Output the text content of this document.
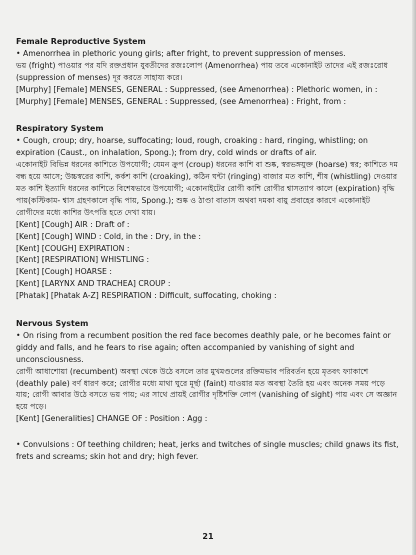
Female Reproductive System

• Amenorrhea in plethoric young girls; after fright, to prevent suppression of menses.

ভয় (fright) পাওয়ার পর যদি রক্তপ্রধান যুবতীদের রজঃলোপ (Amenorrhea) পায় তবে একোনাইট তাদের এই রজঃরোধ (suppression of menses) দূর করতে সাহায্য করে।

[Murphy] [Female] MENSES, GENERAL : Suppressed, (see Amenorrhea) : Plethoric women, in :

[Murphy] [Female] MENSES, GENERAL : Suppressed, (see Amenorrhea) : Fright, from :

Respiratory System

• Cough, croup; dry, hoarse, suffocating; loud, rough, croaking : hard, ringing, whistling; on expiration (Caust., on inhalation, Spong.); from dry, cold winds or drafts of air.

একোনাইট বিভিন্ন ধরনের কাশিতে উপযোগী; যেমন ক্রুপ (croup) ধরনের কাশি বা শুষ্ক, স্বরভঙ্গযুক্ত (hoarse) স্বর; কাশিতে দম বন্ধ হয়ে আসে; উচ্চস্বরের কাশি, কর্কশ কাশি (croaking), কঠিন ঘন্টা (ringing) বাজার মত কাশি, শীষ (whistling) দেওয়ার মত কাশি ইত্যাদি ধরনের কাশিতে বিশেষভাবে উপযোগী; একোনাইটের রোগী কাশি রোগীর শ্বাসত্যাগ কালে (expiration) বৃদ্ধি পায়(কস্টিকাম- শ্বাস গ্রহণকালে বৃদ্ধি পায়, Spong.); শুষ্ক ও ঠাণ্ডা বাতাস অথবা দমকা বায়ু প্রবাহের কারণে একোনাইট রোগীদের মধ্যে কাশির উৎপত্তি হতে দেখা যায়।

[Kent] [Cough] AIR : Draft of :

[Kent] [Cough] WIND : Cold, in the : Dry, in the :

[Kent] [COUGH] EXPIRATION :

[Kent] [RESPIRATION] WHISTLING :

[Kent] [Cough] HOARSE :

[Kent] [LARYNX AND TRACHEA] CROUP :

[Phatak] [Phatak A-Z] RESPIRATION : Difficult, suffocating, choking :

Nervous System

• On rising from a recumbent position the red face becomes deathly pale, or he becomes faint or giddy and falls, and he fears to rise again; often accompanied by vanishing of sight and unconsciousness.

রোগী আধাশোয়া (recumbent) অবস্থা থেকে উঠে বসলে তার মুখমণ্ডলের রক্তিমভাব পরিবর্তন হয়ে মৃতবৎ ফ্যাকাশে (deathly pale) বর্ণ ধারণ করে; রোগীর মধ্যে মাথা ঘুরে মূর্ছা (faint) যাওয়ার মত অবস্থা তৈরি হয় এবং অনেক সময় পড়ে যায়; রোগী আবার উঠে বসতে ভয় পায়; এর সাথে প্রায়ই রোগীর দৃষ্টিশক্তি লোপ (vanishing of sight) পায় এবং সে অজ্ঞান হয়ে পড়ে।

[Kent] [Generalities] CHANGE OF : Position : Agg :

• Convulsions : Of teething children; heat, jerks and twitches of single muscles; child gnaws its fist, frets and screams; skin hot and dry; high fever.

21
